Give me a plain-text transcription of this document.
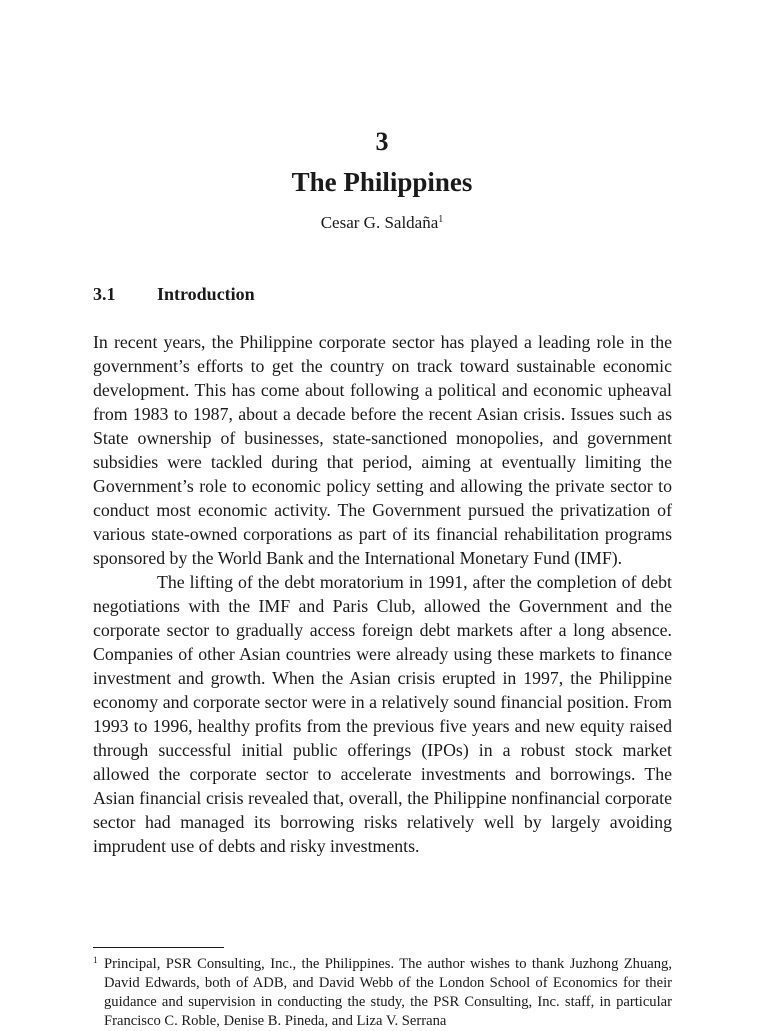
3
The Philippines
Cesar G. Saldaña$^1$
3.1 Introduction

In recent years, the Philippine corporate sector has played a leading role in the government’s efforts to get the country on track toward sustainable economic development. This has come about following a political and economic upheaval from 1983 to 1987, about a decade before the recent Asian crisis. Issues such as State ownership of businesses, state-sanctioned monopolies, and government subsidies were tackled during that period, aiming at eventually limiting the Government’s role to economic policy setting and allowing the private sector to conduct most economic activity. The Government pursued the privatization of various state-owned corporations as part of its financial rehabilitation programs sponsored by the World Bank and the International Monetary Fund (IMF).

The lifting of the debt moratorium in 1991, after the completion of debt negotiations with the IMF and Paris Club, allowed the Government and the corporate sector to gradually access foreign debt markets after a long absence. Companies of other Asian countries were already using these markets to finance investment and growth. When the Asian crisis erupted in 1997, the Philippine economy and corporate sector were in a relatively sound financial position. From 1993 to 1996, healthy profits from the previous five years and new equity raised through successful initial public offerings (IPOs) in a robust stock market allowed the corporate sector to accelerate investments and borrowings. The Asian financial crisis revealed that, overall, the Philippine nonfinancial corporate sector had managed its borrowing risks relatively well by largely avoiding imprudent use of debts and risky investments.

1 Principal, PSR Consulting, Inc., the Philippines. The author wishes to thank Juzhong Zhuang, David Edwards, both of ADB, and David Webb of the London School of Economics for their guidance and supervision in conducting the study, the PSR Consulting, Inc. staff, in particular Francisco C. Roble, Denise B. Pineda, and Liza V. Serrana
